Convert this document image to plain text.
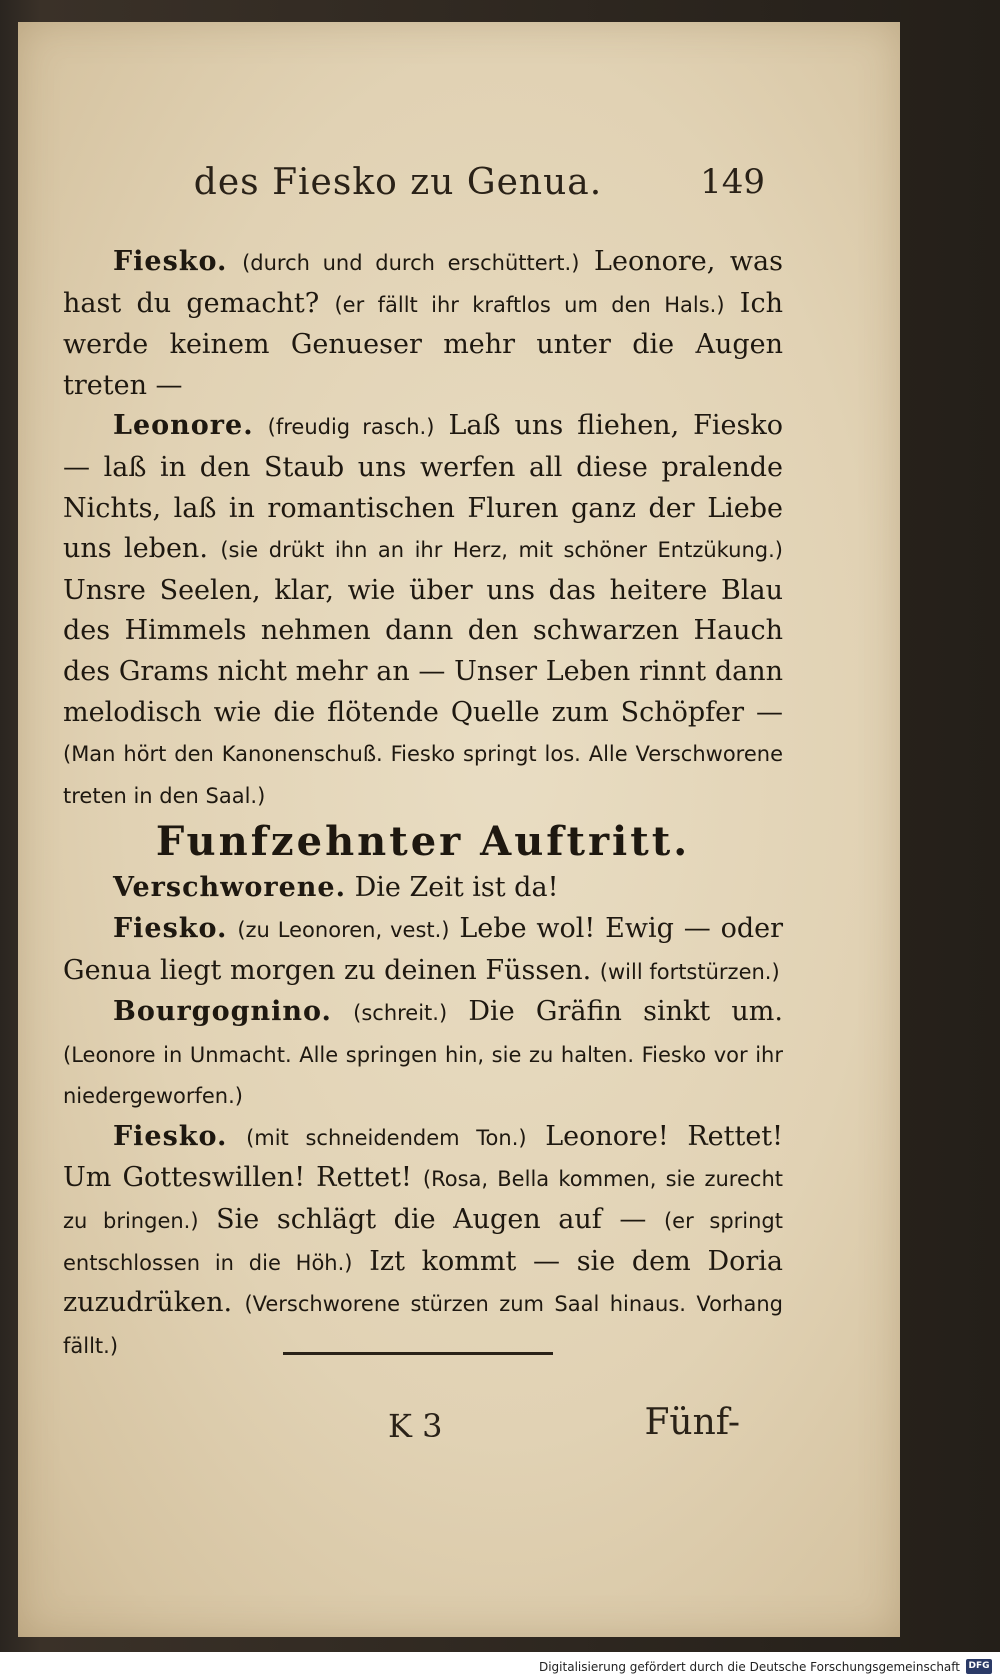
des Fiesko zu Genua.	149

Fiesko. (durch und durch erschüttert.) Leonore, was hast du gemacht? (er fällt ihr kraftlos um den Hals.) Ich werde keinem Genueser mehr unter die Augen treten —

Leonore. (freudig rasch.) Laß uns fliehen, Fiesko — laß in den Staub uns werfen all diese pralende Nichts, laß in romantischen Fluren ganz der Liebe uns leben. (sie drükt ihn an ihr Herz, mit schöner Entzükung.) Unsre Seelen, klar, wie über uns das heitere Blau des Himmels nehmen dann den schwarzen Hauch des Grams nicht mehr an — Unser Leben rinnt dann melodisch wie die flötende Quelle zum Schöpfer — (Man hört den Kanonenschuß. Fiesko springt los. Alle Verschworene treten in den Saal.)

Funfzehnter Auftritt.

Verschworene. Die Zeit ist da!

Fiesko. (zu Leonoren, vest.) Lebe wol! Ewig — oder Genua liegt morgen zu deinen Füssen. (will fortstürzen.)

Bourgognino. (schreit.) Die Gräfin sinkt um. (Leonore in Unmacht. Alle springen hin, sie zu halten. Fiesko vor ihr niedergeworfen.)

Fiesko. (mit schneidendem Ton.) Leonore! Rettet! Um Gotteswillen! Rettet! (Rosa, Bella kommen, sie zurecht zu bringen.) Sie schlägt die Augen auf — (er springt entschlossen in die Höh.) Izt kommt — sie dem Doria zuzudrüken. (Verschworene stürzen zum Saal hinaus. Vorhang fällt.)

K 3	Fünf-
Digitalisierung gefördert durch die Deutsche Forschungsgemeinschaft DFG
